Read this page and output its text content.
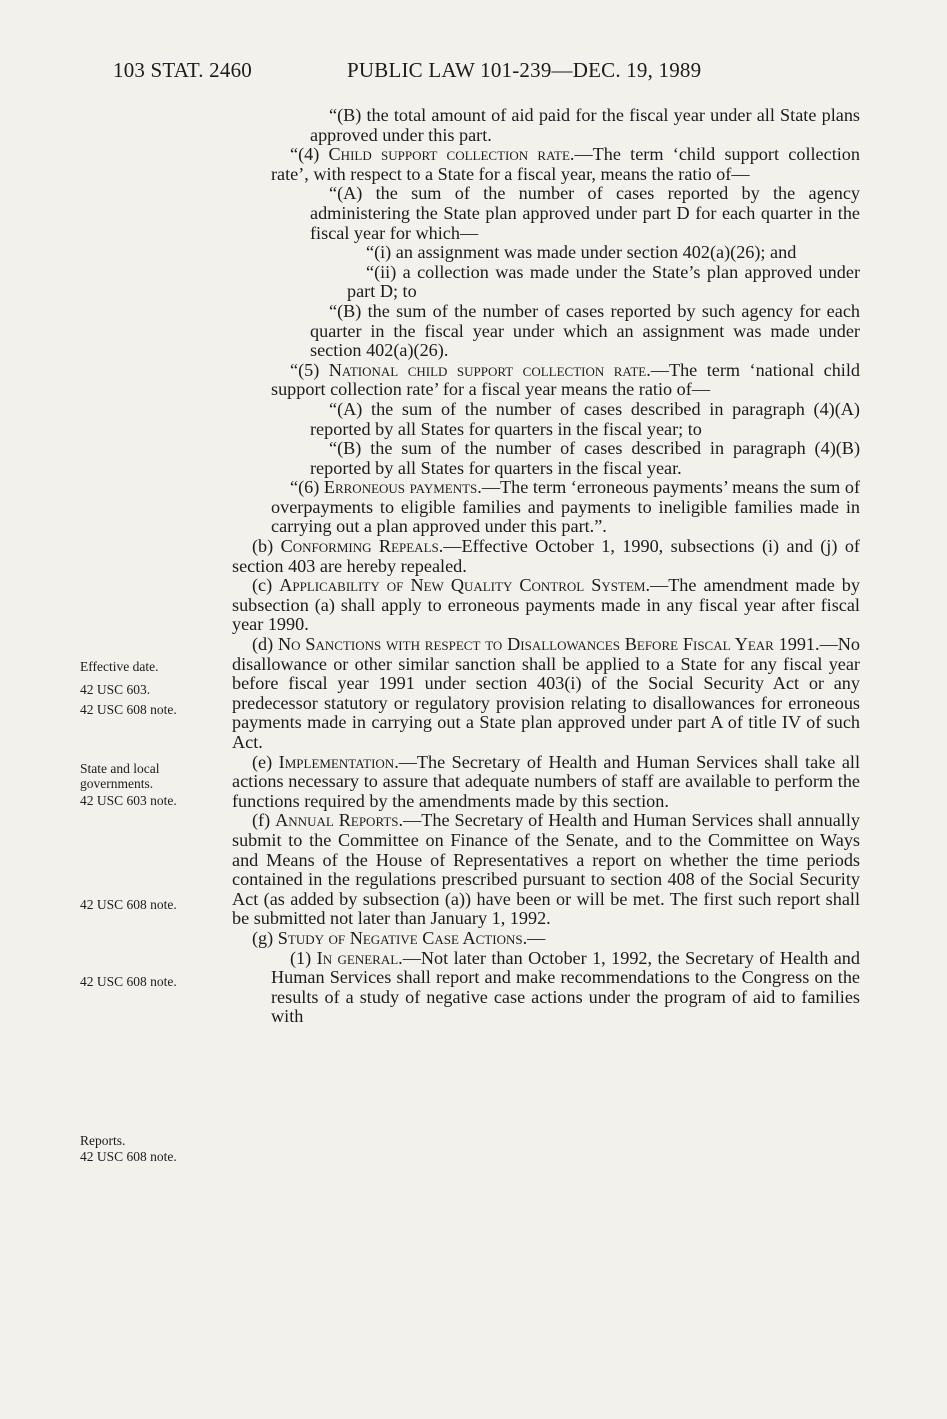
103 STAT. 2460	PUBLIC LAW 101-239—DEC. 19, 1989

“(B) the total amount of aid paid for the fiscal year under all State plans approved under this part.

“(4) Child support collection rate.—The term ‘child support collection rate’, with respect to a State for a fiscal year, means the ratio of—

“(A) the sum of the number of cases reported by the agency administering the State plan approved under part D for each quarter in the fiscal year for which—

“(i) an assignment was made under section 402(a)(26); and

“(ii) a collection was made under the State’s plan approved under part D; to

“(B) the sum of the number of cases reported by such agency for each quarter in the fiscal year under which an assignment was made under section 402(a)(26).

“(5) National child support collection rate.—The term ‘national child support collection rate’ for a fiscal year means the ratio of—

“(A) the sum of the number of cases described in paragraph (4)(A) reported by all States for quarters in the fiscal year; to

“(B) the sum of the number of cases described in paragraph (4)(B) reported by all States for quarters in the fiscal year.

“(6) Erroneous payments.—The term ‘erroneous payments’ means the sum of overpayments to eligible families and payments to ineligible families made in carrying out a plan approved under this part.”.

(b) Conforming Repeals.—Effective October 1, 1990, subsections (i) and (j) of section 403 are hereby repealed.

(c) Applicability of New Quality Control System.—The amendment made by subsection (a) shall apply to erroneous payments made in any fiscal year after fiscal year 1990.

(d) No Sanctions with respect to Disallowances Before Fiscal Year 1991.—No disallowance or other similar sanction shall be applied to a State for any fiscal year before fiscal year 1991 under section 403(i) of the Social Security Act or any predecessor statutory or regulatory provision relating to disallowances for erroneous payments made in carrying out a State plan approved under part A of title IV of such Act.

(e) Implementation.—The Secretary of Health and Human Services shall take all actions necessary to assure that adequate numbers of staff are available to perform the functions required by the amendments made by this section.

(f) Annual Reports.—The Secretary of Health and Human Services shall annually submit to the Committee on Finance of the Senate, and to the Committee on Ways and Means of the House of Representatives a report on whether the time periods contained in the regulations prescribed pursuant to section 408 of the Social Security Act (as added by subsection (a)) have been or will be met. The first such report shall be submitted not later than January 1, 1992.

(g) Study of Negative Case Actions.—

(1) In general.—Not later than October 1, 1992, the Secretary of Health and Human Services shall report and make recommendations to the Congress on the results of a study of negative case actions under the program of aid to families with

Effective date.
42 USC 603.
42 USC 608 note.
State and local
governments.
42 USC 603 note.
42 USC 608 note.
42 USC 608 note.
Reports.
42 USC 608 note.
